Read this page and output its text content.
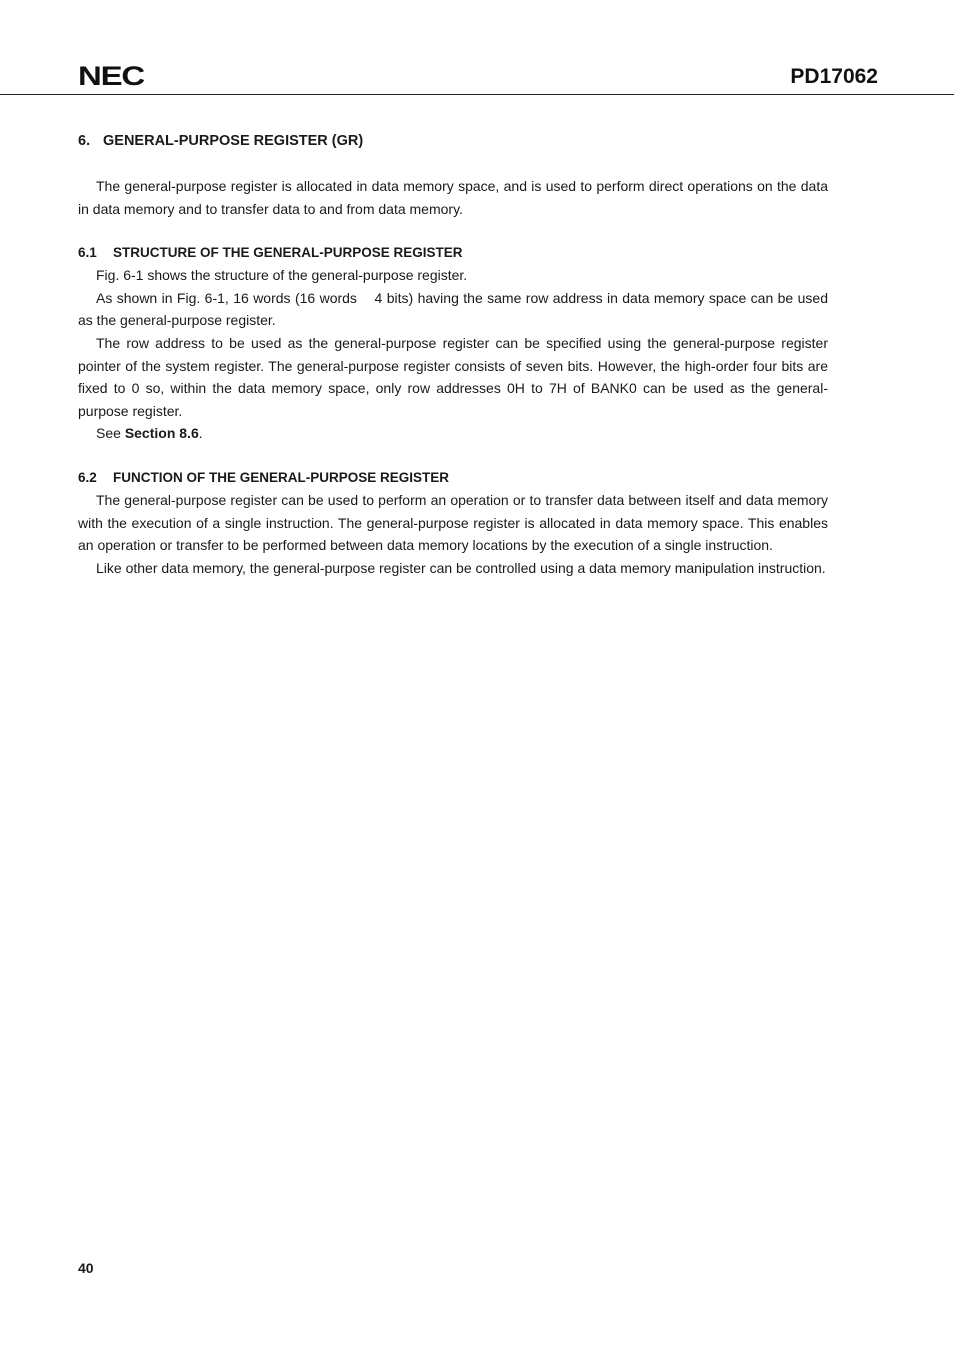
NEC	PD17062
6. GENERAL-PURPOSE REGISTER (GR)

The general-purpose register is allocated in data memory space, and is used to perform direct operations on the data in data memory and to transfer data to and from data memory.

6.1 STRUCTURE OF THE GENERAL-PURPOSE REGISTER

Fig. 6-1 shows the structure of the general-purpose register.

As shown in Fig. 6-1, 16 words (16 words    4 bits) having the same row address in data memory space can be used as the general-purpose register.

The row address to be used as the general-purpose register can be specified using the general-purpose register pointer of the system register. The general-purpose register consists of seven bits. However, the high-order four bits are fixed to 0 so, within the data memory space, only row addresses 0H to 7H of BANK0 can be used as the general-purpose register.

See Section 8.6.

6.2 FUNCTION OF THE GENERAL-PURPOSE REGISTER

The general-purpose register can be used to perform an operation or to transfer data between itself and data memory with the execution of a single instruction. The general-purpose register is allocated in data memory space. This enables an operation or transfer to be performed between data memory locations by the execution of a single instruction.

Like other data memory, the general-purpose register can be controlled using a data memory manipulation instruction.

40
